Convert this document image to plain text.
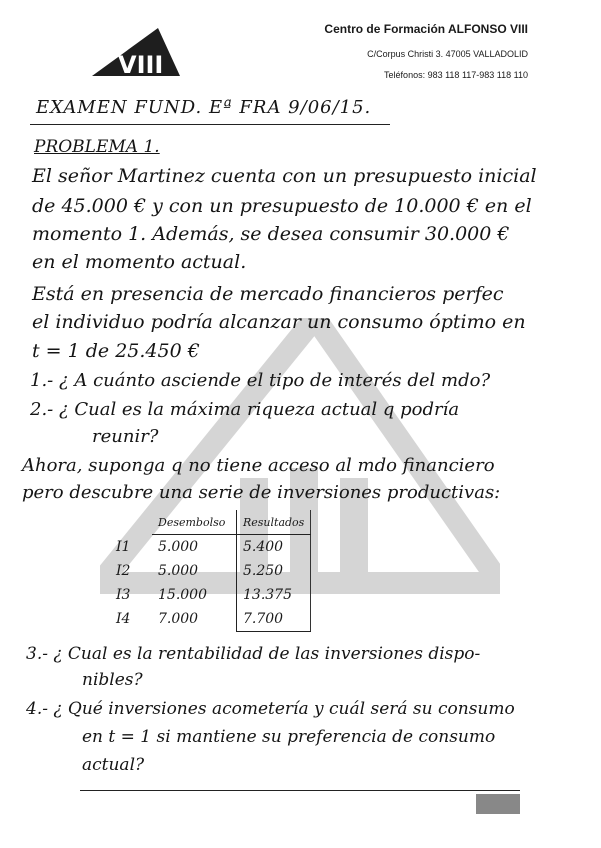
VIII
Centro de Formación ALFONSO VIII
C/Corpus Christi 3. 47005 VALLADOLID
Teléfonos: 983 118 117-983 118 110
EXAMEN FUND. Eª FRA 9/06/15.
PROBLEMA 1.
El señor Martinez cuenta con un presupuesto inicial
de 45.000 € y con un presupuesto de 10.000 € en el
momento 1. Además, se desea consumir 30.000 €
en el momento actual.
Está en presencia de mercado financieros perfec
el individuo podría alcanzar un consumo óptimo en
t = 1 de 25.450 €
1.- ¿ A cuánto asciende el tipo de interés del mdo?
2.- ¿ Cual es la máxima riqueza actual q podría
reunir?
Ahora, suponga q no tiene acceso al mdo financiero
pero descubre una serie de inversiones productivas:
	Desembolso	Resultados
I1	5.000	5.400
I2	5.000	5.250
I3	15.000	13.375
I4	7.000	7.700
3.- ¿ Cual es la rentabilidad de las inversiones dispo-
nibles?
4.- ¿ Qué inversiones acometería y cuál será su consumo
en t = 1 si mantiene su preferencia de consumo
actual?
